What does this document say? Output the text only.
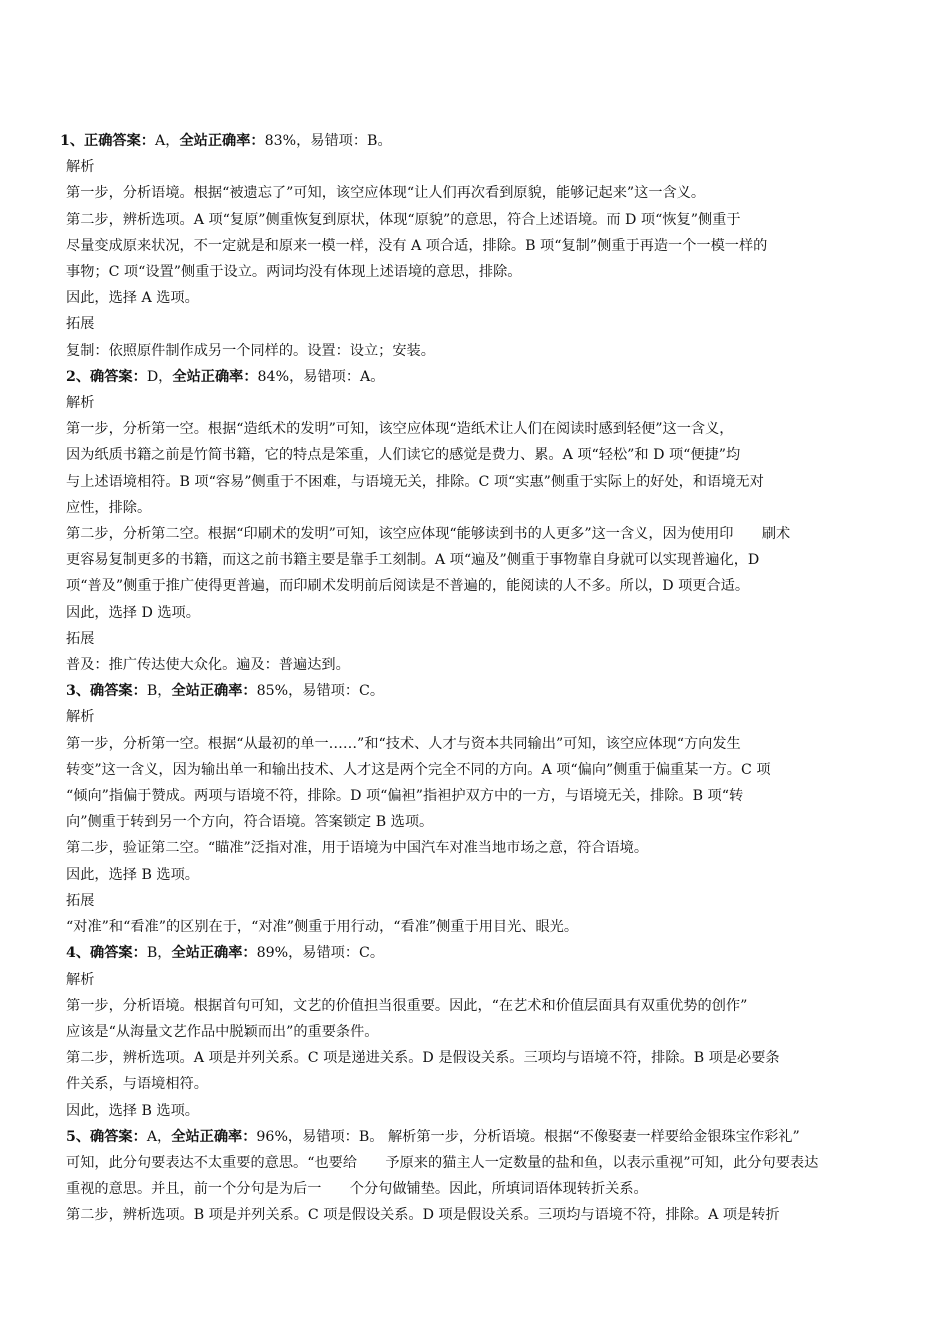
1、正确答案：A，全站正确率：83%，易错项：B。
解析
第一步，分析语境。根据“被遗忘了”可知，该空应体现“让人们再次看到原貌，能够记起来”这一含义。
第二步，辨析选项。A 项“复原”侧重恢复到原状，体现“原貌”的意思，符合上述语境。而 D 项“恢复”侧重于
尽量变成原来状况，不一定就是和原来一模一样，没有 A 项合适，排除。B 项“复制”侧重于再造一个一模一样的
事物；C 项“设置”侧重于设立。两词均没有体现上述语境的意思，排除。
因此，选择 A 选项。
拓展
复制：依照原件制作成另一个同样的。设置：设立；安装。
2、确答案：D，全站正确率：84%，易错项：A。
解析
第一步，分析第一空。根据“造纸术的发明”可知，该空应体现“造纸术让人们在阅读时感到轻便”这一含义，
因为纸质书籍之前是竹简书籍，它的特点是笨重，人们读它的感觉是费力、累。A 项“轻松”和 D 项“便捷”均
与上述语境相符。B 项“容易”侧重于不困难，与语境无关，排除。C 项“实惠”侧重于实际上的好处，和语境无对
应性，排除。
第二步，分析第二空。根据“印刷术的发明”可知，该空应体现“能够读到书的人更多”这一含义，因为使用印　　刷术
更容易复制更多的书籍，而这之前书籍主要是靠手工刻制。A 项“遍及”侧重于事物靠自身就可以实现普遍化，D
项“普及”侧重于推广使得更普遍，而印刷术发明前后阅读是不普遍的，能阅读的人不多。所以，D 项更合适。
因此，选择 D 选项。
拓展
普及：推广传达使大众化。遍及：普遍达到。
3、确答案：B，全站正确率：85%，易错项：C。
解析
第一步，分析第一空。根据“从最初的单一……”和“技术、人才与资本共同输出”可知，该空应体现“方向发生
转变”这一含义，因为输出单一和输出技术、人才这是两个完全不同的方向。A 项“偏向”侧重于偏重某一方。C 项
“倾向”指偏于赞成。两项与语境不符，排除。D 项“偏袒”指袒护双方中的一方，与语境无关，排除。B 项“转
向”侧重于转到另一个方向，符合语境。答案锁定 B 选项。
第二步，验证第二空。“瞄准”泛指对准，用于语境为中国汽车对准当地市场之意，符合语境。
因此，选择 B 选项。
拓展
“对准”和“看准”的区别在于，“对准”侧重于用行动，“看准”侧重于用目光、眼光。
4、确答案：B，全站正确率：89%，易错项：C。
解析
第一步，分析语境。根据首句可知，文艺的价值担当很重要。因此，“在艺术和价值层面具有双重优势的创作”
应该是“从海量文艺作品中脱颖而出”的重要条件。
第二步，辨析选项。A 项是并列关系。C 项是递进关系。D 是假设关系。三项均与语境不符，排除。B 项是必要条
件关系，与语境相符。
因此，选择 B 选项。
5、确答案：A，全站正确率：96%，易错项：B。 解析第一步，分析语境。根据“不像娶妻一样要给金银珠宝作彩礼”
可知，此分句要表达不太重要的意思。“也要给　　予原来的猫主人一定数量的盐和鱼，以表示重视”可知，此分句要表达
重视的意思。并且，前一个分句是为后一　　个分句做铺垫。因此，所填词语体现转折关系。
第二步，辨析选项。B 项是并列关系。C 项是假设关系。D 项是假设关系。三项均与语境不符，排除。A 项是转折
